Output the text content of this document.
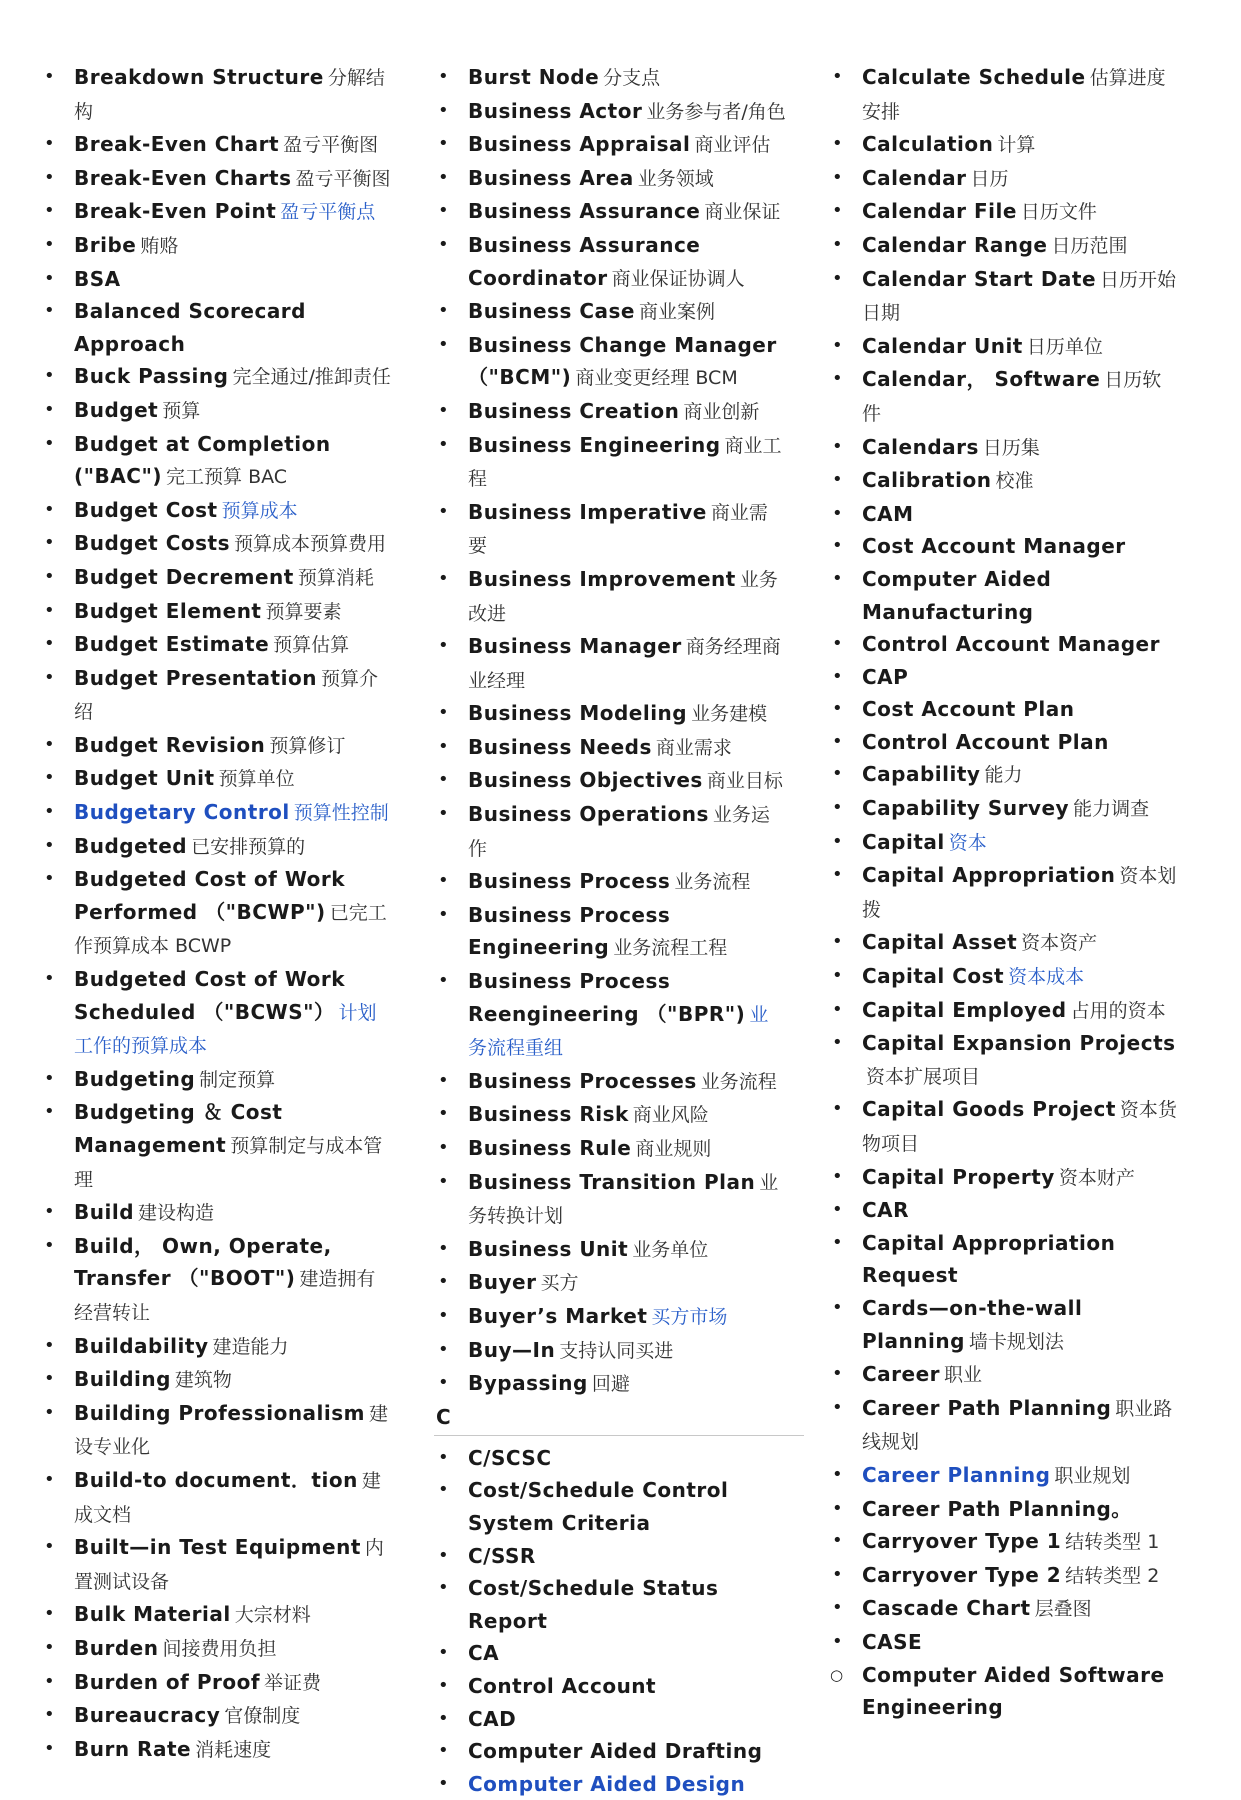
• Breakdown Structure 分解结构
• Break-Even Chart 盈亏平衡图
• Break-Even Charts 盈亏平衡图
• Break-Even Point 盈亏平衡点
• Bribe 贿赂
• BSA
• Balanced Scorecard Approach
• Buck Passing 完全通过/推卸责任
• Budget 预算
• Budget at Completion ("BAC") 完工预算 BAC
• Budget Cost 预算成本
• Budget Costs 预算成本预算费用
• Budget Decrement 预算消耗
• Budget Element 预算要素
• Budget Estimate 预算估算
• Budget Presentation 预算介绍
• Budget Revision 预算修订
• Budget Unit 预算单位
• Budgetary Control 预算性控制
• Budgeted 已安排预算的
• Budgeted Cost of Work Performed （"BCWP") 已完工作预算成本 BCWP
• Budgeted Cost of Work Scheduled （"BCWS"） 计划工作的预算成本
• Budgeting 制定预算
• Budgeting ＆ Cost Management 预算制定与成本管理
• Build 建设构造
• Build， Own, Operate, Transfer （"BOOT") 建造拥有经营转让
• Buildability 建造能力
• Building 建筑物
• Building Professionalism 建设专业化
• Build-to document．tion 建成文档
• Built—in Test Equipment 内置测试设备
• Bulk Material 大宗材料
• Burden 间接费用负担
• Burden of Proof 举证费
• Bureaucracy 官僚制度
• Burn Rate 消耗速度
• Burst Node 分支点
• Business Actor 业务参与者/角色
• Business Appraisal 商业评估
• Business Area 业务领域
• Business Assurance 商业保证
• Business Assurance Coordinator 商业保证协调人
• Business Case 商业案例
• Business Change Manager （"BCM") 商业变更经理 BCM
• Business Creation 商业创新
• Business Engineering 商业工程
• Business Imperative 商业需要
• Business Improvement 业务改进
• Business Manager 商务经理商业经理
• Business Modeling 业务建模
• Business Needs 商业需求
• Business Objectives 商业目标
• Business Operations 业务运作
• Business Process 业务流程
• Business Process Engineering 业务流程工程
• Business Process Reengineering （"BPR") 业务流程重组
• Business Processes 业务流程
• Business Risk 商业风险
• Business Rule 商业规则
• Business Transition Plan 业务转换计划
• Business Unit 业务单位
• Buyer 买方
• Buyer’s Market 买方市场
• Buy—In 支持认同买进
• Bypassing 回避
C
• C/SCSC
• Cost/Schedule Control System Criteria
• C/SSR
• Cost/Schedule Status Report
• CA
• Control Account
• CAD
• Computer Aided Drafting
• Computer Aided Design
• Calculate Schedule 估算进度安排
• Calculation 计算
• Calendar 日历
• Calendar File 日历文件
• Calendar Range 日历范围
• Calendar Start Date 日历开始日期
• Calendar Unit 日历单位
• Calendar， Software 日历软件
• Calendars 日历集
• Calibration 校准
• CAM
• Cost Account Manager
• Computer Aided Manufacturing
• Control Account Manager
• CAP
• Cost Account Plan
• Control Account Plan
• Capability 能力
• Capability Survey 能力调查
• Capital 资本
• Capital Appropriation 资本划拨
• Capital Asset 资本资产
• Capital Cost 资本成本
• Capital Employed 占用的资本
• Capital Expansion Projects资本扩展项目
• Capital Goods Project 资本货物项目
• Capital Property 资本财产
• CAR
• Capital Appropriation Request
• Cards—on-the-wall Planning 墙卡规划法
• Career 职业
• Career Path Planning 职业路线规划
• Career Planning 职业规划
• Career Path Planning。
• Carryover Type 1 结转类型 1
• Carryover Type 2 结转类型 2
• Cascade Chart 层叠图
• CASE
○ Computer Aided Software Engineering
